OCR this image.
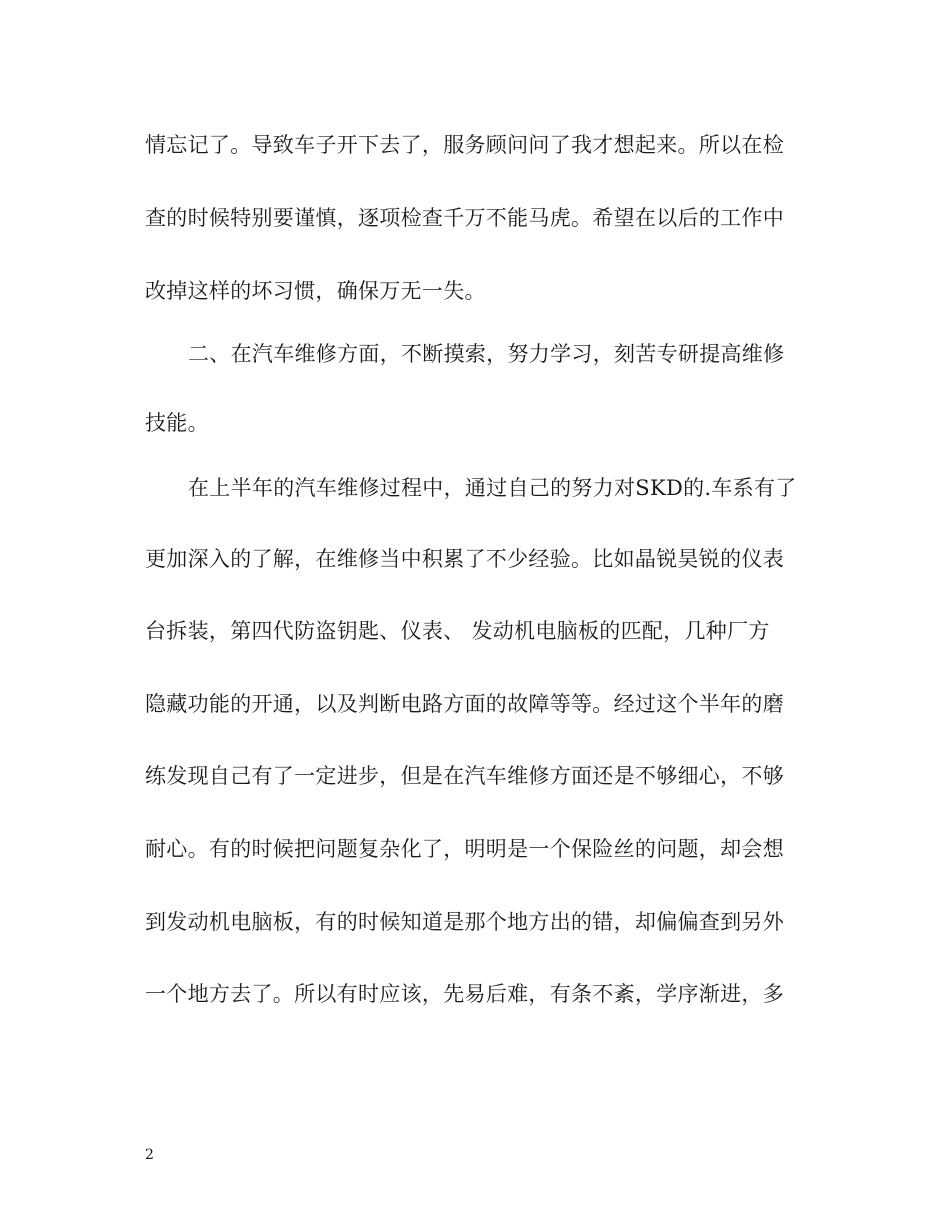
情忘记了。导致车子开下去了，服务顾问问了我才想起来。所以在检
查的时候特别要谨慎，逐项检查千万不能马虎。希望在以后的工作中
改掉这样的坏习惯，确保万无一失。
二、在汽车维修方面，不断摸索，努力学习，刻苦专研提高维修
技能。
在上半年的汽车维修过程中，通过自己的努力对SKD的.车系有了
更加深入的了解，在维修当中积累了不少经验。比如晶锐昊锐的仪表
台拆装，第四代防盗钥匙、仪表、 发动机电脑板的匹配，几种厂方
隐藏功能的开通，以及判断电路方面的故障等等。经过这个半年的磨
练发现自己有了一定进步，但是在汽车维修方面还是不够细心，不够
耐心。有的时候把问题复杂化了，明明是一个保险丝的问题，却会想
到发动机电脑板，有的时候知道是那个地方出的错，却偏偏查到另外
一个地方去了。所以有时应该，先易后难，有条不紊，学序渐进，多
2
